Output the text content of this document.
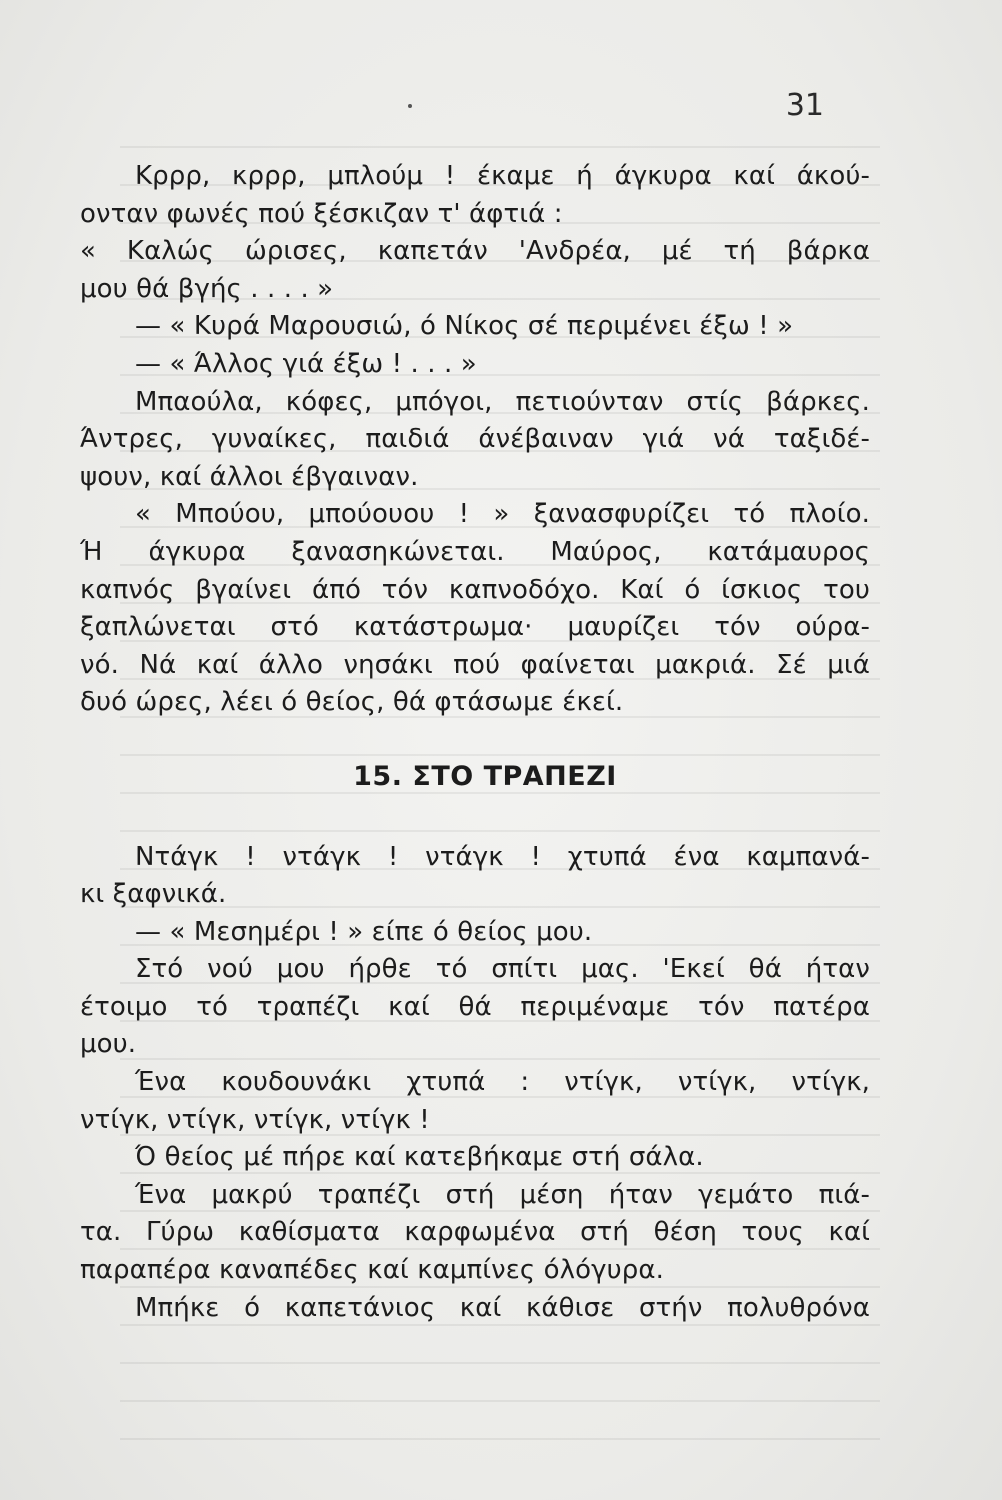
31
Κρρρ, κρρρ, μπλούμ ! έκαμε ή άγκυρα καί άκού-
ονταν φωνές πού ξέσκιζαν τ' άφτιά :
« Καλώς ώρισες, καπετάν 'Ανδρέα, μέ τή βάρκα
μου θά βγής . . . . »
— « Κυρά Μαρουσιώ, ό Νίκος σέ περιμένει έξω ! »
— « Άλλος γιά έξω ! . . . »
Μπαούλα, κόφες, μπόγοι, πετιούνταν στίς βάρκες.
Άντρες, γυναίκες, παιδιά άνέβαιναν γιά νά ταξιδέ-
ψουν, καί άλλοι έβγαιναν.
« Μπούου, μπούουου ! » ξανασφυρίζει τό πλοίο.
Ή άγκυρα ξανασηκώνεται. Μαύρος, κατάμαυρος
καπνός βγαίνει άπό τόν καπνοδόχο. Καί ό ίσκιος του
ξαπλώνεται στό κατάστρωμα· μαυρίζει τόν ούρα-
νό. Νά καί άλλο νησάκι πού φαίνεται μακριά. Σέ μιά
δυό ώρες, λέει ό θείος, θά φτάσωμε έκεί.
15. ΣΤΟ ΤΡΑΠΕΖΙ
Ντάγκ ! ντάγκ ! ντάγκ ! χτυπά ένα καμπανά-
κι ξαφνικά.
— « Μεσημέρι ! » είπε ό θείος μου.
Στό νού μου ήρθε τό σπίτι μας. 'Εκεί θά ήταν
έτοιμο τό τραπέζι καί θά περιμέναμε τόν πατέρα
μου.
Ένα κουδουνάκι χτυπά : ντίγκ, ντίγκ, ντίγκ,
ντίγκ, ντίγκ, ντίγκ, ντίγκ !
Ό θείος μέ πήρε καί κατεβήκαμε στή σάλα.
Ένα μακρύ τραπέζι στή μέση ήταν γεμάτο πιά-
τα. Γύρω καθίσματα καρφωμένα στή θέση τους καί
παραπέρα καναπέδες καί καμπίνες όλόγυρα.
Μπήκε ό καπετάνιος καί κάθισε στήν πολυθρόνα
